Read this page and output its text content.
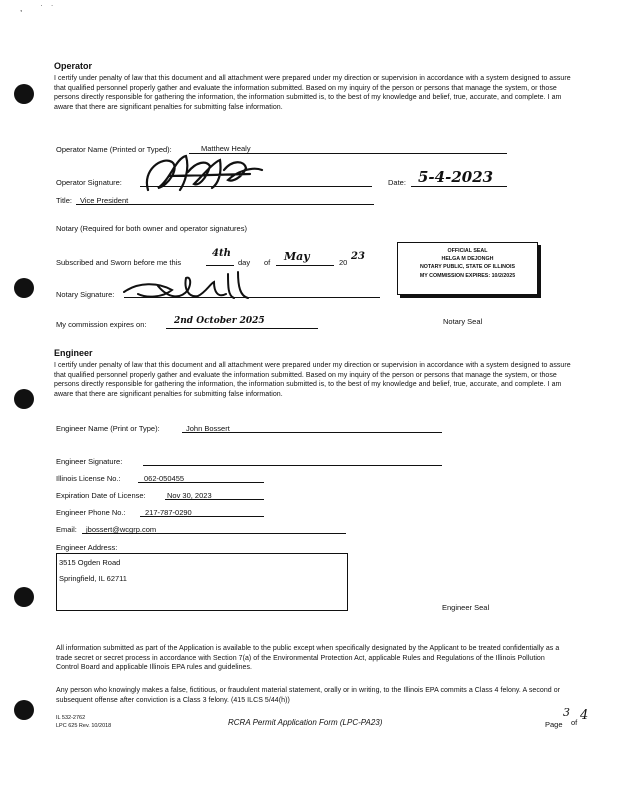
, ˙˙
Operator
I certify under penalty of law that this document and all attachment were prepared under my direction or supervision in accordance with a system designed to assure that qualified personnel properly gather and evaluate the information submitted. Based on my inquiry of the person or persons that manage the system, or those persons directly responsible for gathering the information, the information submitted is, to the best of my knowledge and belief, true, accurate, and complete. I am aware that there are significant penalties for submitting false information.
Operator Name (Printed or Typed):	Matthew Healy
Operator Signature:	Date: 5-4-2023
Title: Vice President
Notary (Required for both owner and operator signatures)
Subscribed and Sworn before me this
4th
day of May	20
23
Notary Signature:
My commission expires on:	2nd October 2025
OFFICIAL SEAL
HELGA M DEJONGH
NOTARY PUBLIC, STATE OF ILLINOIS
MY COMMISSION EXPIRES: 10/2/2025
Notary Seal
Engineer
I certify under penalty of law that this document and all attachment were prepared under my direction or supervision in accordance with a system designed to assure that qualified personnel properly gather and evaluate the information submitted. Based on my inquiry of the person or persons that manage the system, or those persons directly responsible for gathering the information, the information submitted is, to the best of my knowledge and belief, true, accurate, and complete. I am aware that there are significant penalties for submitting false information.
Engineer Name (Print or Type):	John Bossert
Engineer Signature:
Illinois License No.:	062-050455
Expiration Date of License:	Nov 30, 2023
Engineer Phone No.:	217-787-0290
Email: jbossert@wcgrp.com
Engineer Address:
3515 Ogden Road
Springfield, IL 62711
Engineer Seal
All information submitted as part of the Application is available to the public except when specifically designated by the Applicant to be treated confidentially as a trade secret or secret process in accordance with Section 7(a) of the Environmental Protection Act, applicable Rules and Regulations of the Illinois Pollution Control Board and applicable Illinois EPA rules and guidelines.
Any person who knowingly makes a false, fictitious, or fraudulent material statement, orally or in writing, to the Illinois EPA commits a Class 4 felony. A second or subsequent offense after conviction is a Class 3 felony. (415 ILCS 5/44(h))
IL 532-2762
LPC 625 Rev. 10/2018	RCRA Permit Application Form (LPC-PA23)	Page
3
of 4
